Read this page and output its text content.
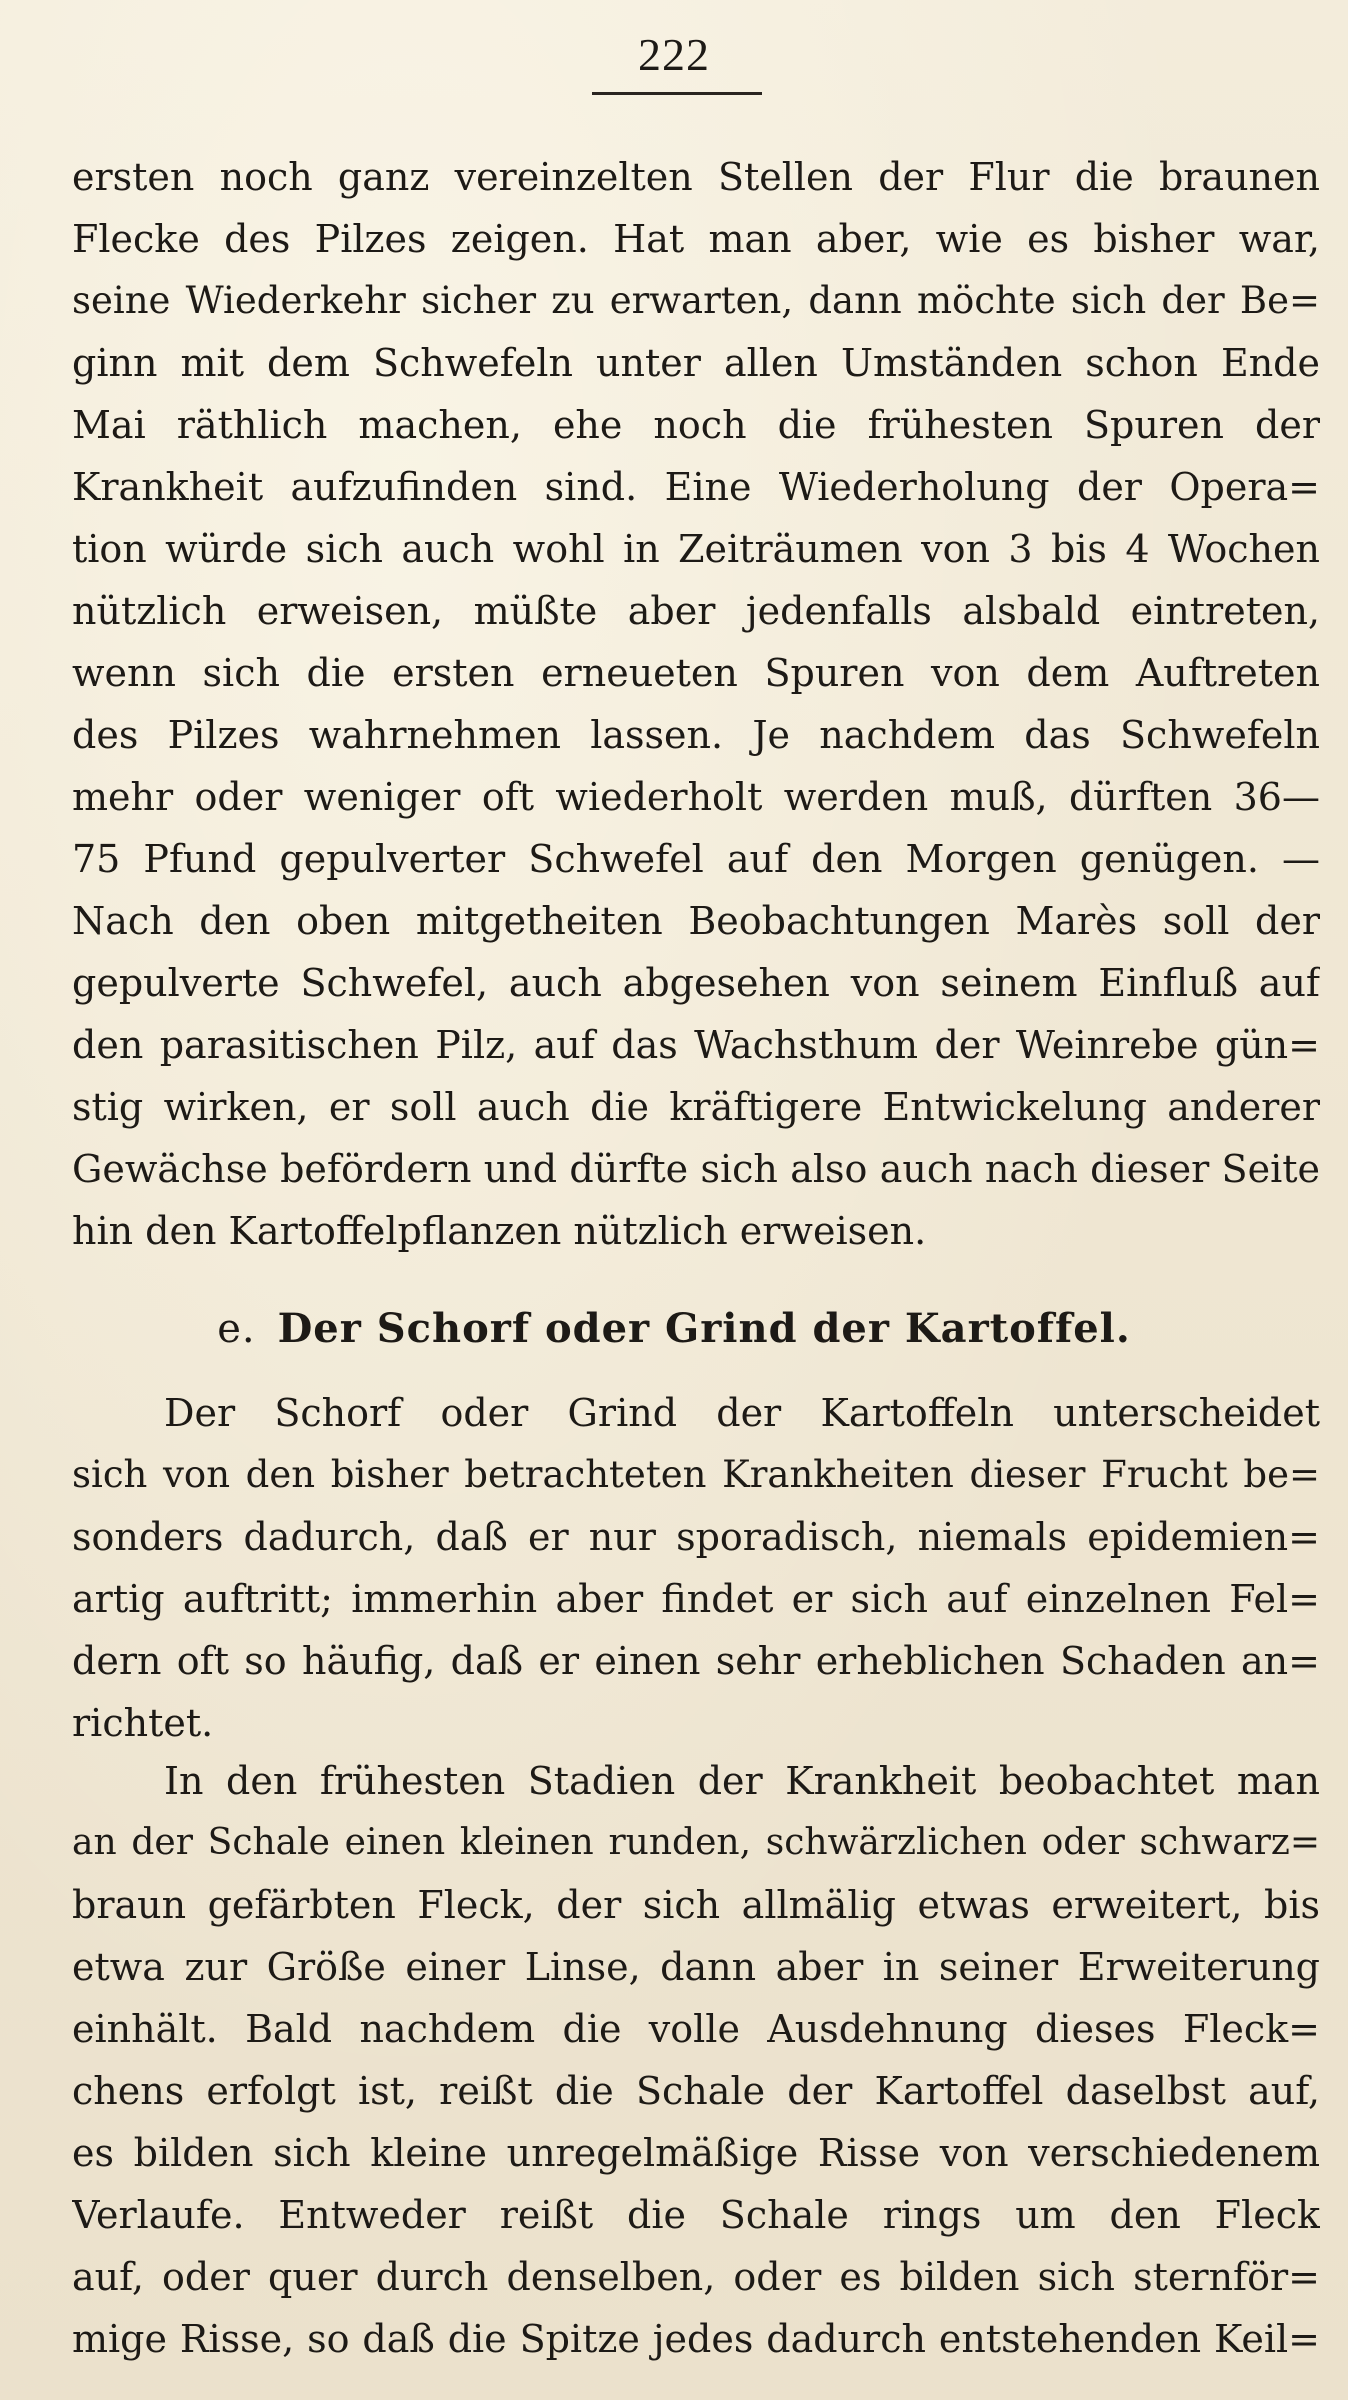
222
ersten noch ganz vereinzelten Stellen der Flur die braunen
Flecke des Pilzes zeigen. Hat man aber, wie es bisher war,
seine Wiederkehr sicher zu erwarten, dann möchte sich der Be=
ginn mit dem Schwefeln unter allen Umständen schon Ende
Mai räthlich machen, ehe noch die frühesten Spuren der
Krankheit aufzufinden sind. Eine Wiederholung der Opera=
tion würde sich auch wohl in Zeiträumen von 3 bis 4 Wochen
nützlich erweisen, müßte aber jedenfalls alsbald eintreten,
wenn sich die ersten erneueten Spuren von dem Auftreten
des Pilzes wahrnehmen lassen. Je nachdem das Schwefeln
mehr oder weniger oft wiederholt werden muß, dürften 36—
75 Pfund gepulverter Schwefel auf den Morgen genügen. —
Nach den oben mitgetheiten Beobachtungen Marès soll der
gepulverte Schwefel, auch abgesehen von seinem Einfluß auf
den parasitischen Pilz, auf das Wachsthum der Weinrebe gün=
stig wirken, er soll auch die kräftigere Entwickelung anderer
Gewächse befördern und dürfte sich also auch nach dieser Seite
hin den Kartoffelpflanzen nützlich erweisen.
e. Der Schorf oder Grind der Kartoffel.
Der Schorf oder Grind der Kartoffeln unterscheidet
sich von den bisher betrachteten Krankheiten dieser Frucht be=
sonders dadurch, daß er nur sporadisch, niemals epidemien=
artig auftritt; immerhin aber findet er sich auf einzelnen Fel=
dern oft so häufig, daß er einen sehr erheblichen Schaden an=
richtet.
In den frühesten Stadien der Krankheit beobachtet man
an der Schale einen kleinen runden, schwärzlichen oder schwarz=
braun gefärbten Fleck, der sich allmälig etwas erweitert, bis
etwa zur Größe einer Linse, dann aber in seiner Erweiterung
einhält. Bald nachdem die volle Ausdehnung dieses Fleck=
chens erfolgt ist, reißt die Schale der Kartoffel daselbst auf,
es bilden sich kleine unregelmäßige Risse von verschiedenem
Verlaufe. Entweder reißt die Schale rings um den Fleck
auf, oder quer durch denselben, oder es bilden sich sternför=
mige Risse, so daß die Spitze jedes dadurch entstehenden Keil=
